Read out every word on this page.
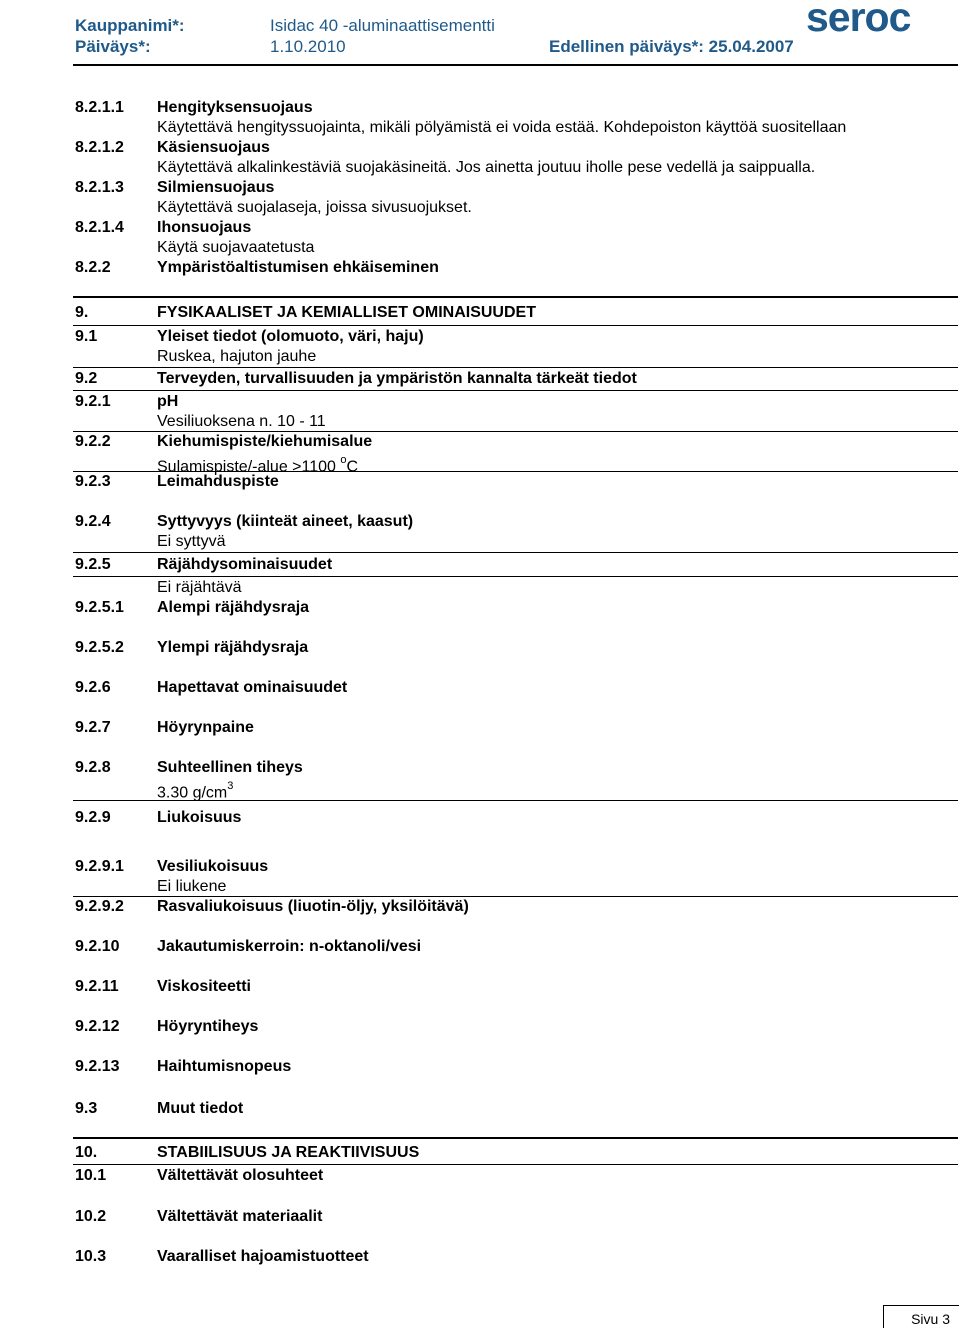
Kauppanimi*:	Isidac 40 -aluminaattisementti
Päiväys*:	1.10.2010	Edellinen päiväys*: 25.04.2007
seroc
8.2.1.1 Hengityksensuojaus
Käytettävä hengityssuojainta, mikäli pölyämistä ei voida estää. Kohdepoiston käyttöä suositellaan
8.2.1.2 Käsiensuojaus
Käytettävä alkalinkestäviä suojakäsineitä. Jos ainetta joutuu iholle pese vedellä ja saippualla.
8.2.1.3 Silmiensuojaus
Käytettävä suojalaseja, joissa sivusuojukset.
8.2.1.4 Ihonsuojaus
Käytä suojavaatetusta
8.2.2	Ympäristöaltistumisen ehkäiseminen
9.	FYSIKAALISET JA KEMIALLISET OMINAISUUDET
9.1	Yleiset tiedot (olomuoto, väri, haju)
Ruskea, hajuton jauhe
9.2	Terveyden, turvallisuuden ja ympäristön kannalta tärkeät tiedot
9.2.1	pH
Vesiliuoksena n. 10 - 11
9.2.2	Kiehumispiste/kiehumisalue
Sulamispiste/-alue >1100 $^o$C
9.2.3	Leimahduspiste
9.2.4	Syttyvyys (kiinteät aineet, kaasut)
Ei syttyvä
9.2.5	Räjähdysominaisuudet
Ei räjähtävä
9.2.5.1 Alempi räjähdysraja
9.2.5.2 Ylempi räjähdysraja
9.2.6	Hapettavat ominaisuudet
9.2.7	Höyrynpaine
9.2.8	Suhteellinen tiheys
3.30 $g/cm^3$
9.2.9	Liukoisuus
9.2.9.1 Vesiliukoisuus
Ei liukene
9.2.9.2 Rasvaliukoisuus (liuotin-öljy, yksilöitävä)
9.2.10 Jakautumiskerroin: n-oktanoli/vesi
9.2.11 Viskositeetti
9.2.12 Höyryntiheys
9.2.13 Haihtumisnopeus
9.3	Muut tiedot
10.	STABIILISUUS JA REAKTIIVISUUS
10.1	Vältettävät olosuhteet
10.2	Vältettävät materiaalit
10.3	Vaaralliset hajoamistuotteet
Sivu 3
